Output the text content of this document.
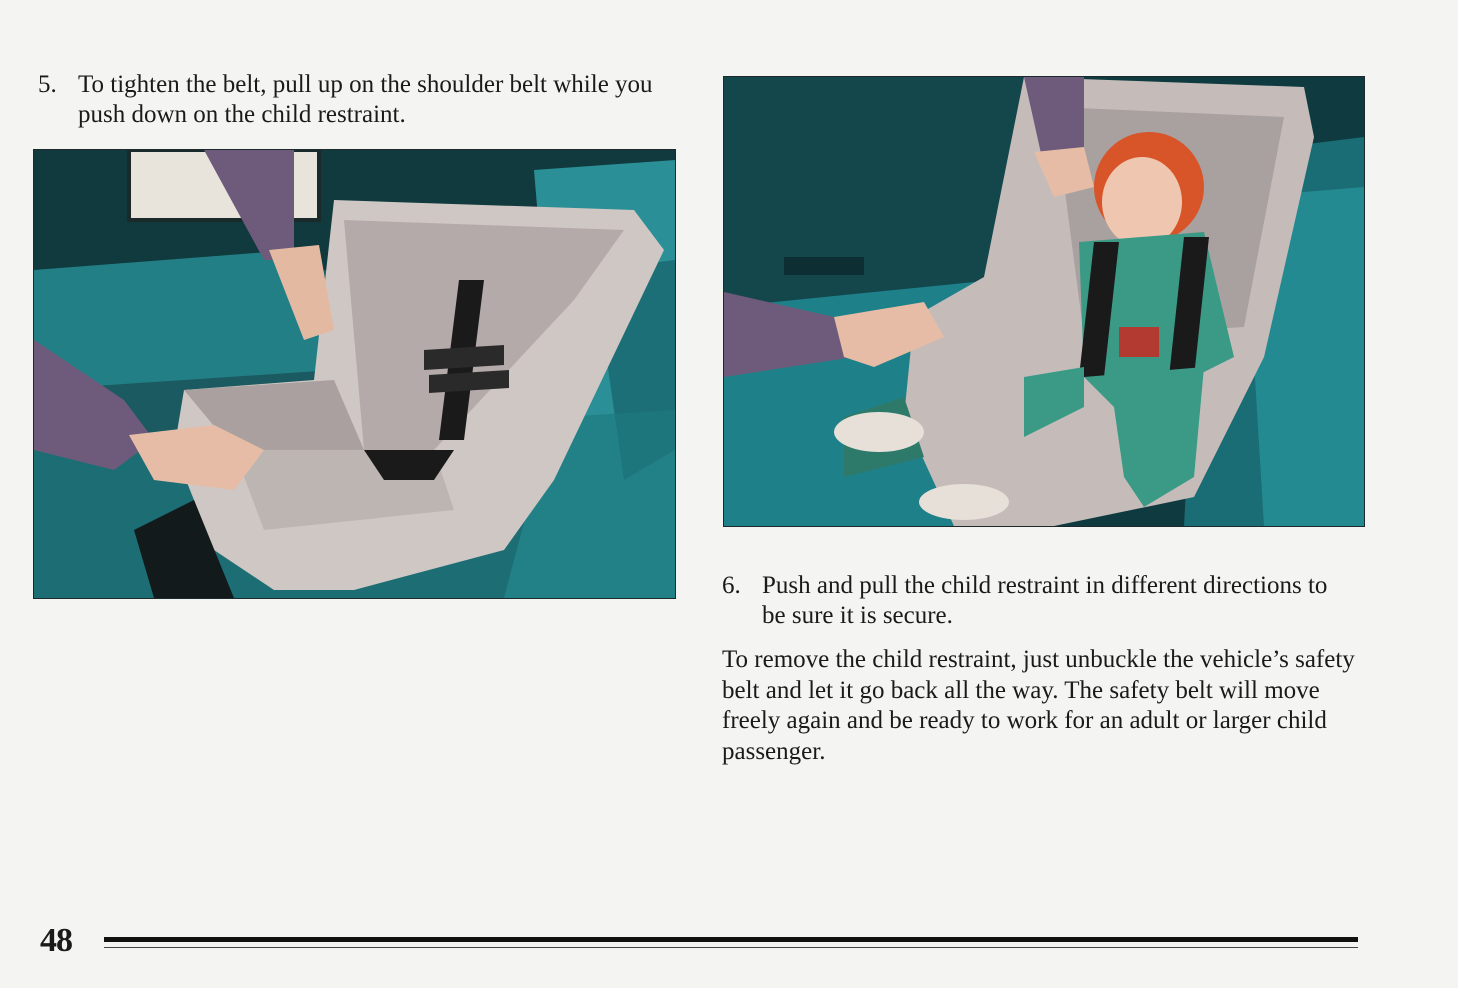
5. To tighten the belt, pull up on the shoulder belt while you push down on the child restraint.
6. Push and pull the child restraint in different directions to be sure it is secure.

To remove the child restraint, just unbuckle the vehicle’s safety belt and let it go back all the way. The safety belt will move freely again and be ready to work for an adult or larger child passenger.

48
